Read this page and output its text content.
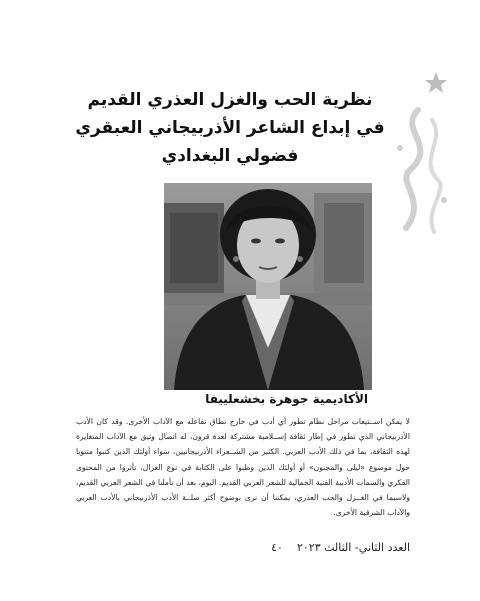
نظرية الحب والغزل العذري القديم
في إبداع الشاعر الأذربيجاني العبقري
فضولي البغدادي
الأكاديمية جوهرة بخشعلييفا
لا يمكن اســتيعاب مراحل نظام تطور أي أدب في خارج نطاق تفاعله مع الآداب الأخرى. وقد كان الأدب الأذربيجاني الذي تطور في إطار ثقافة إســلامية مشتركة لعدة قرون، له اتصال وثيق مع الآداب المتغايرة لهذه الثقافة، بما في ذلك الأدب العربي. الكثير من الشــعراء الأذربيجانيين، سواء أولئك الذين كتبوا متنويا حول موضوع «ليلى والمجنون» أو أولئك الذين وظبوا على الكتابة في نوع الغزال، تأثروا من المحتوى الفكري والسمات الأدبية الفنية الجمالية للشعر العربي القديم. اليوم، بعد أن تأملنا في الشعر العربي القديم، ولاسيما في الغــزل والحب العذري، يمكننا أن نرى بوضوح أكثر صلــة الأدب الأذربيجاني بالأدب العربي والآداب الشرقية الأخرى.
العدد الثاني- الثالث ٢٠٢٣    ٤٠
